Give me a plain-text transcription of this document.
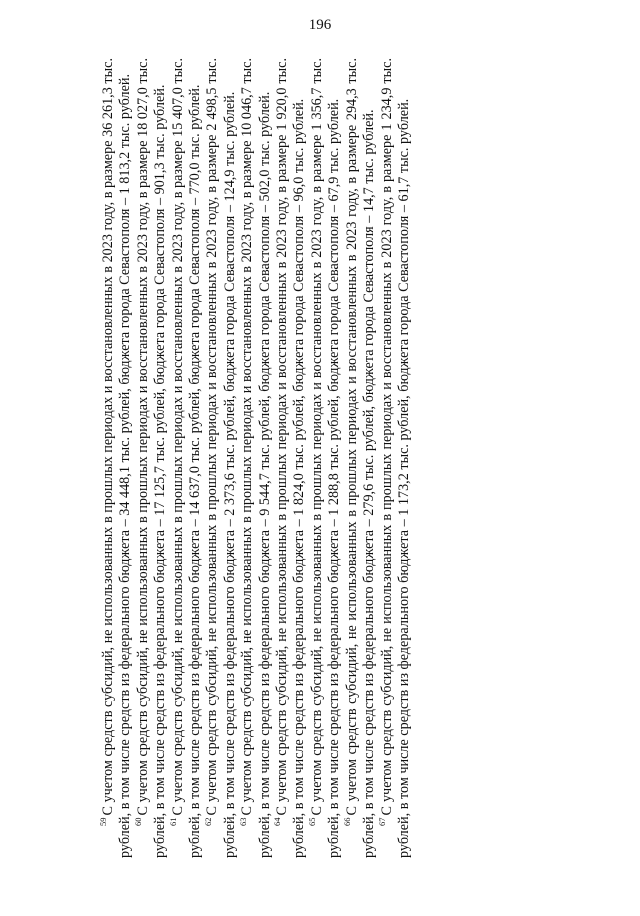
196

$^{59}$С учетом средств субсидий, не использованных в прошлых периодах и восстановленных в 2023 году, в размере 36 261,3 тыс. рублей, в том числе средств из федерального бюджета – 34 448,1 тыс. рублей, бюджета города Севастополя – 1 813,2 тыс. рублей. $^{60}$С учетом средств субсидий, не использованных в прошлых периодах и восстановленных в 2023 году, в размере 18 027,0 тыс. рублей, в том числе средств из федерального бюджета – 17 125,7 тыс. рублей, бюджета города Севастополя – 901,3 тыс. рублей. $^{61}$С учетом средств субсидий, не использованных в прошлых периодах и восстановленных в 2023 году, в размере 15 407,0 тыс. рублей, в том числе средств из федерального бюджета – 14 637,0 тыс. рублей, бюджета города Севастополя – 770,0 тыс. рублей. $^{62}$С учетом средств субсидий, не использованных в прошлых периодах и восстановленных в 2023 году, в размере 2 498,5 тыс. рублей, в том числе средств из федерального бюджета – 2 373,6 тыс. рублей, бюджета города Севастополя – 124,9 тыс. рублей. $^{63}$С учетом средств субсидий, не использованных в прошлых периодах и восстановленных в 2023 году, в размере 10 046,7 тыс. рублей, в том числе средств из федерального бюджета – 9 544,7 тыс. рублей, бюджета города Севастополя – 502,0 тыс. рублей. $^{64}$С учетом средств субсидий, не использованных в прошлых периодах и восстановленных в 2023 году, в размере 1 920,0 тыс. рублей, в том числе средств из федерального бюджета – 1 824,0 тыс. рублей, бюджета города Севастополя – 96,0 тыс. рублей. $^{65}$С учетом средств субсидий, не использованных в прошлых периодах и восстановленных в 2023 году, в размере 1 356,7 тыс. рублей, в том числе средств из федерального бюджета – 1 288,8 тыс. рублей, бюджета города Севастополя – 67,9 тыс. рублей. $^{66}$С учетом средств субсидий, не использованных в прошлых периодах и восстановленных в 2023 году, в размере 294,3 тыс. рублей, в том числе средств из федерального бюджета – 279,6 тыс. рублей, бюджета города Севастополя – 14,7 тыс. рублей. $^{67}$С учетом средств субсидий, не использованных в прошлых периодах и восстановленных в 2023 году, в размере 1 234,9 тыс. рублей, в том числе средств из федерального бюджета – 1 173,2 тыс. рублей, бюджета города Севастополя – 61,7 тыс. рублей.
